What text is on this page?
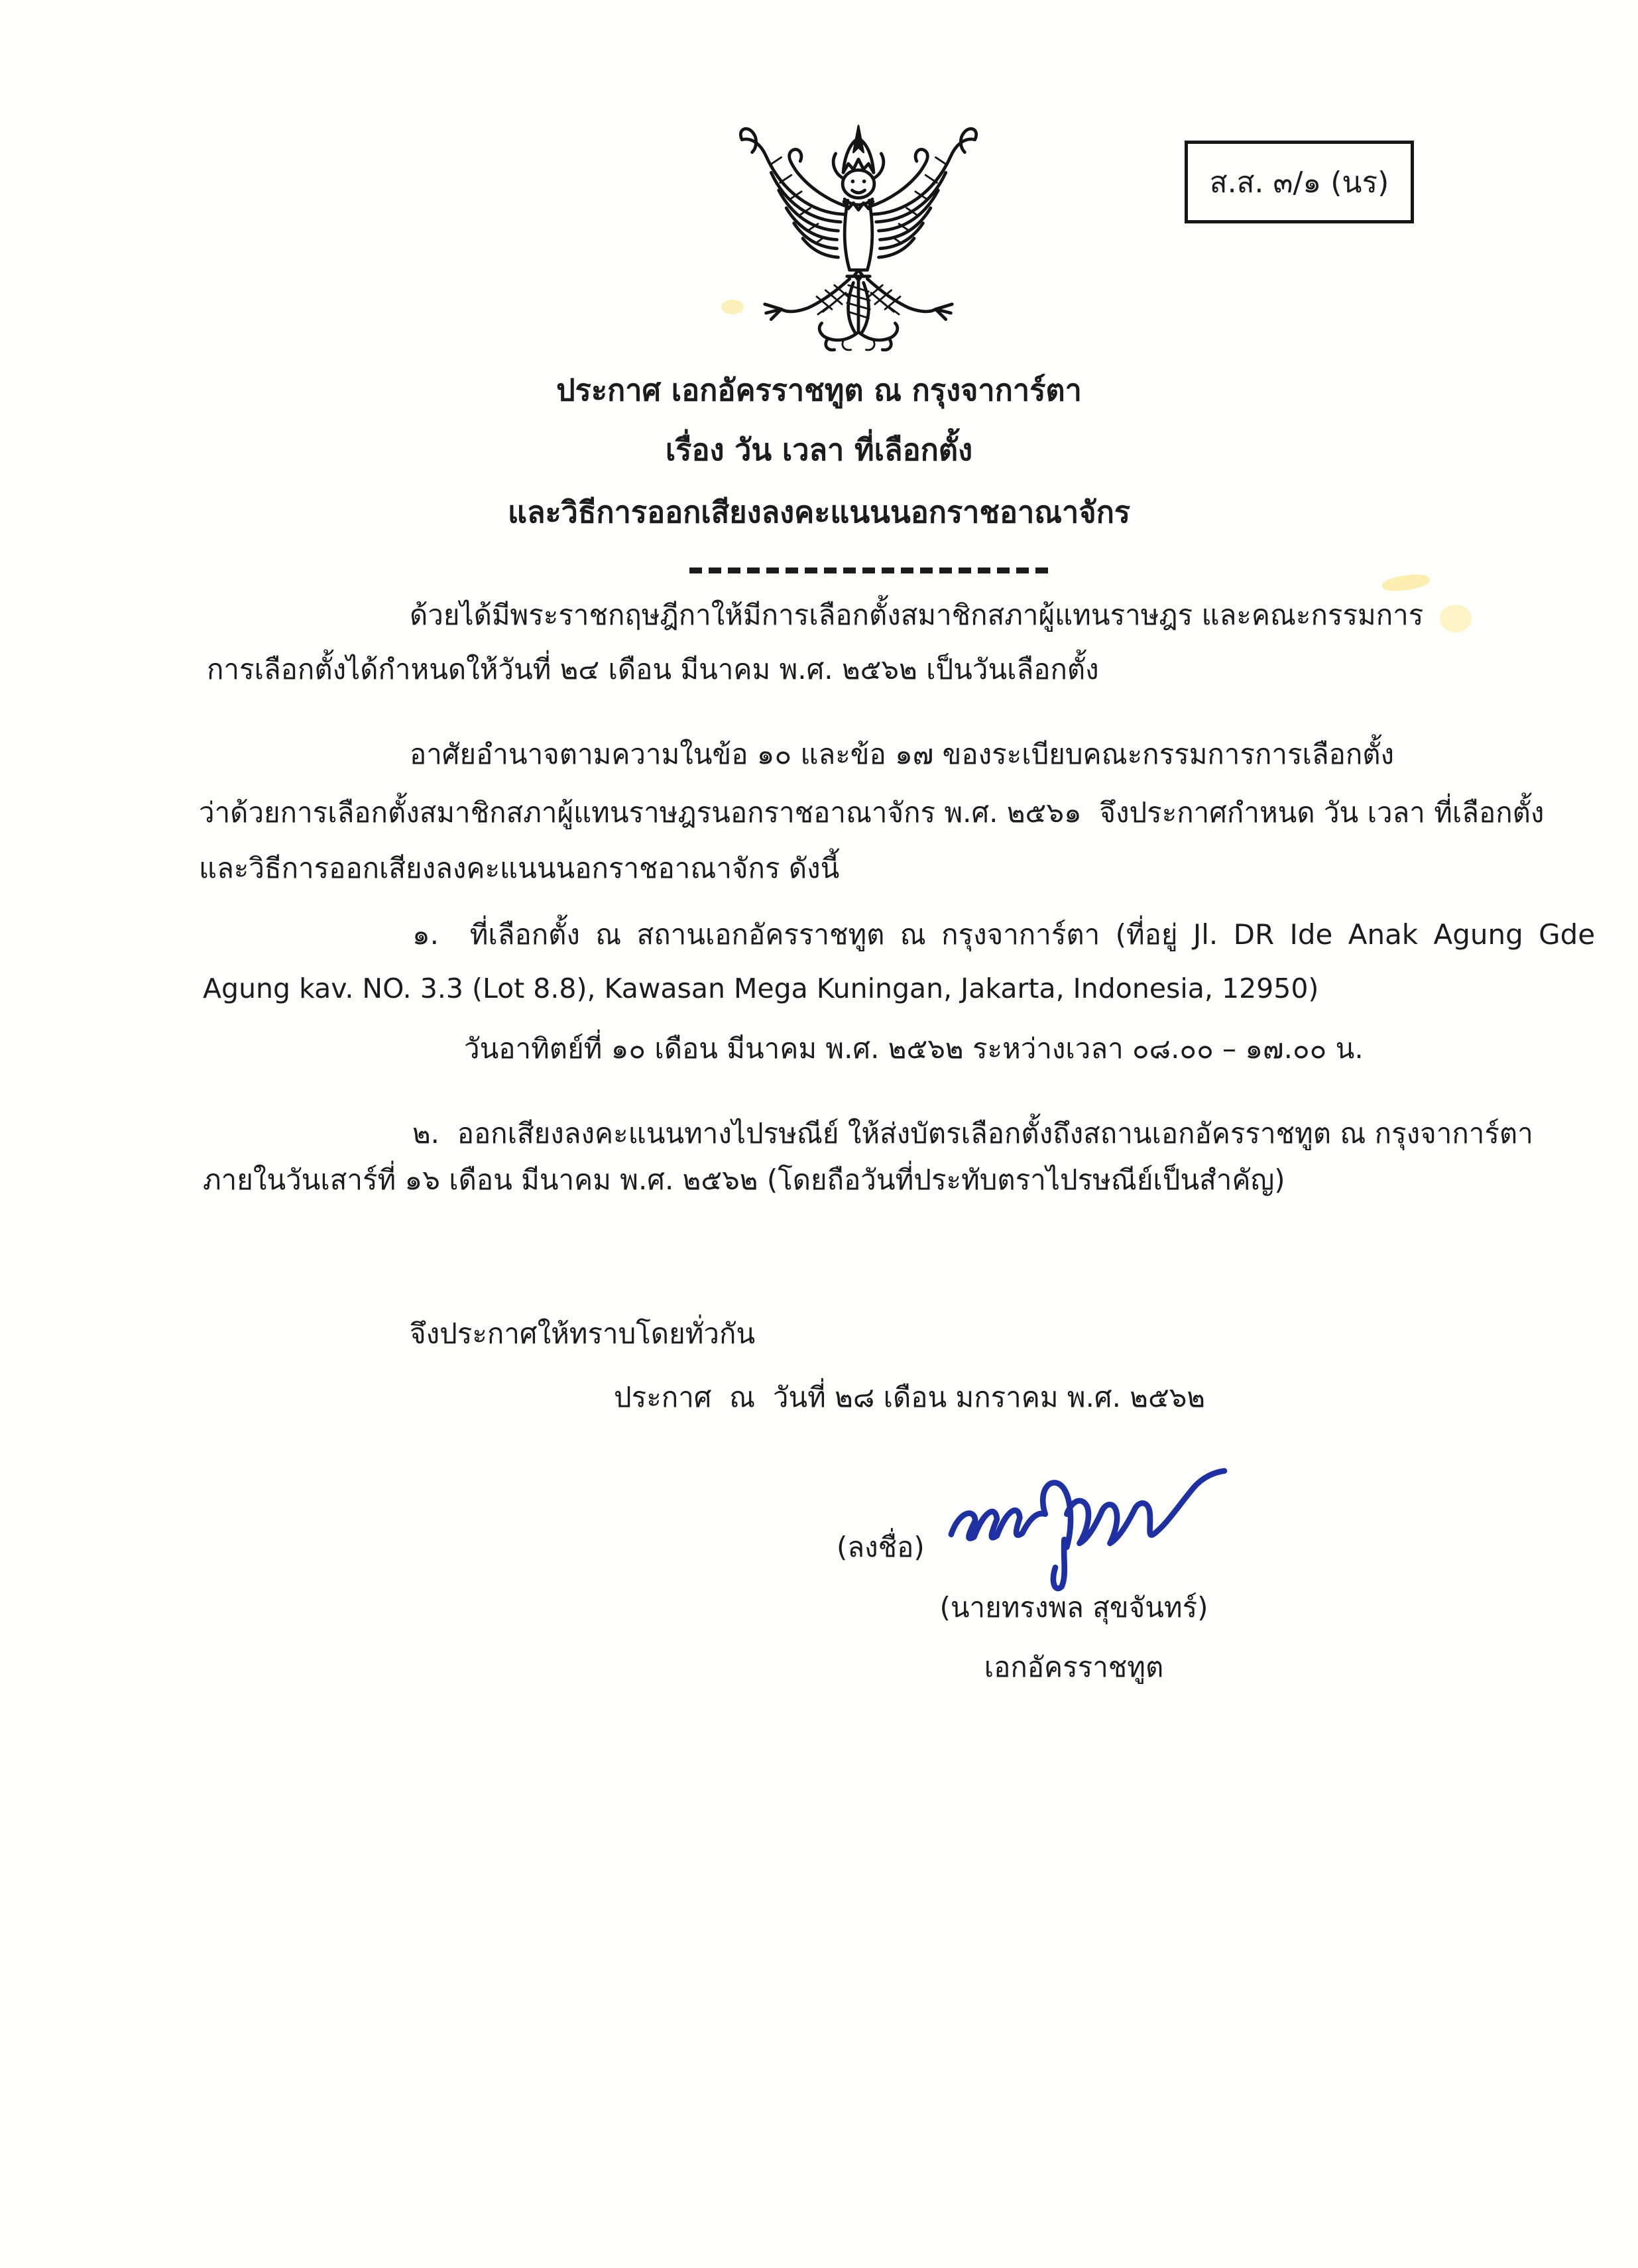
ส.ส. ๓/๑ (นร)
ประกาศ เอกอัครราชทูต ณ กรุงจาการ์ตา
เรื่อง วัน เวลา ที่เลือกตั้ง
และวิธีการออกเสียงลงคะแนนนอกราชอาณาจักร
ด้วยได้มีพระราชกฤษฎีกาให้มีการเลือกตั้งสมาชิกสภาผู้แทนราษฎร และคณะกรรมการ
การเลือกตั้งได้กำหนดให้วันที่ ๒๔ เดือน มีนาคม พ.ศ. ๒๕๖๒ เป็นวันเลือกตั้ง
อาศัยอำนาจตามความในข้อ ๑๐ และข้อ ๑๗ ของระเบียบคณะกรรมการการเลือกตั้ง
ว่าด้วยการเลือกตั้งสมาชิกสภาผู้แทนราษฎรนอกราชอาณาจักร พ.ศ. ๒๕๖๑  จึงประกาศกำหนด วัน เวลา ที่เลือกตั้ง
และวิธีการออกเสียงลงคะแนนนอกราชอาณาจักร ดังนี้
๑.  ที่เลือกตั้ง ณ สถานเอกอัครราชทูต ณ กรุงจาการ์ตา (ที่อยู่ Jl. DR Ide Anak Agung Gde
Agung kav. NO. 3.3 (Lot 8.8), Kawasan Mega Kuningan, Jakarta, Indonesia, 12950)
วันอาทิตย์ที่ ๑๐ เดือน มีนาคม พ.ศ. ๒๕๖๒ ระหว่างเวลา ๐๘.๐๐ – ๑๗.๐๐ น.
๒.  ออกเสียงลงคะแนนทางไปรษณีย์ ให้ส่งบัตรเลือกตั้งถึงสถานเอกอัครราชทูต ณ กรุงจาการ์ตา
ภายในวันเสาร์ที่ ๑๖ เดือน มีนาคม พ.ศ. ๒๕๖๒ (โดยถือวันที่ประทับตราไปรษณีย์เป็นสำคัญ)
จึงประกาศให้ทราบโดยทั่วกัน
ประกาศ  ณ  วันที่ ๒๘ เดือน มกราคม พ.ศ. ๒๕๖๒
(ลงชื่อ)
(นายทรงพล สุขจันทร์)
เอกอัครราชทูต
